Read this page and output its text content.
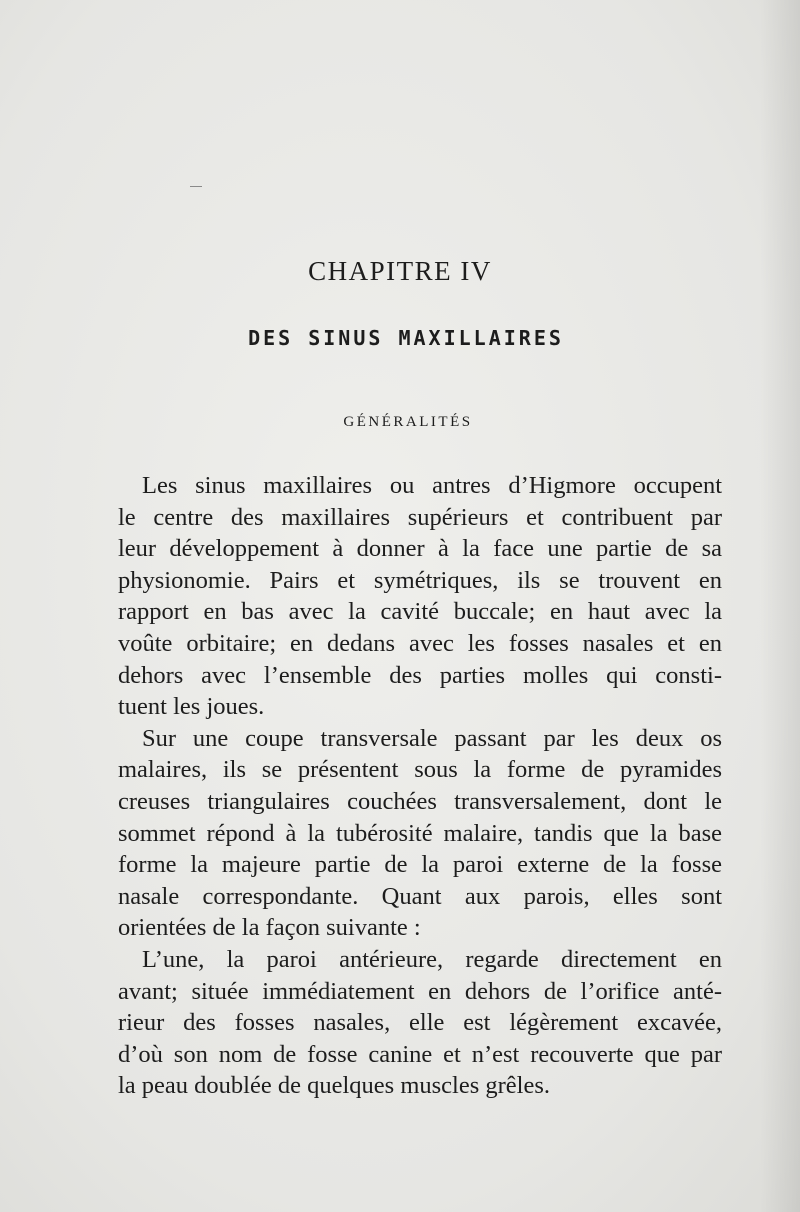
CHAPITRE IV
DES SINUS MAXILLAIRES
GÉNÉRALITÉS
Les sinus maxillaires ou antres d’Higmore occupent
le centre des maxillaires supérieurs et contribuent par
leur développement à donner à la face une partie de sa
physionomie. Pairs et symétriques, ils se trouvent en
rapport en bas avec la cavité buccale; en haut avec la
voûte orbitaire; en dedans avec les fosses nasales et en
dehors avec l’ensemble des parties molles qui consti-
tuent les joues.
Sur une coupe transversale passant par les deux os
malaires, ils se présentent sous la forme de pyramides
creuses triangulaires couchées transversalement, dont le
sommet répond à la tubérosité malaire, tandis que la base
forme la majeure partie de la paroi externe de la fosse
nasale correspondante. Quant aux parois, elles sont
orientées de la façon suivante :
L’une, la paroi antérieure, regarde directement en
avant; située immédiatement en dehors de l’orifice anté-
rieur des fosses nasales, elle est légèrement excavée,
d’où son nom de fosse canine et n’est recouverte que par
la peau doublée de quelques muscles grêles.
